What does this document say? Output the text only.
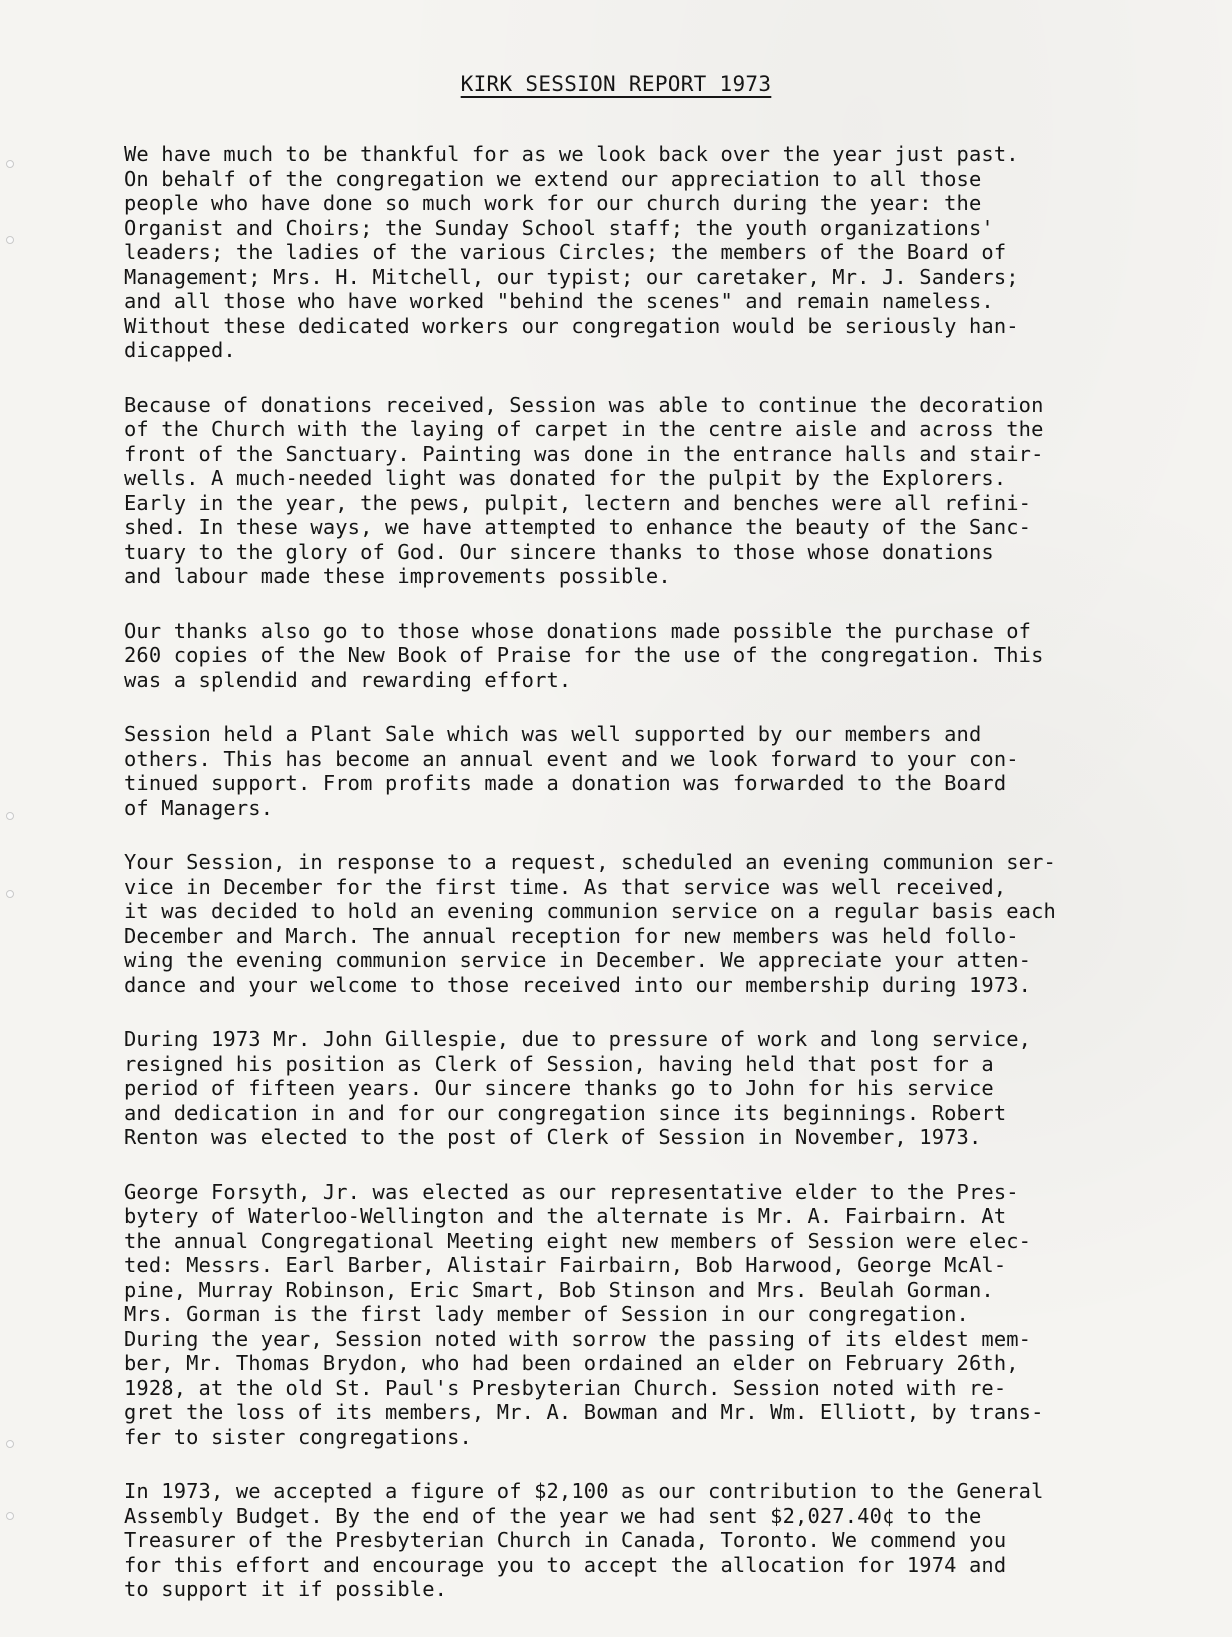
KIRK SESSION REPORT 1973
We have much to be thankful for as we look back over the year just past.
On behalf of the congregation we extend our appreciation to all those
people who have done so much work for our church during the year: the
Organist and Choirs; the Sunday School staff; the youth organizations'
leaders; the ladies of the various Circles; the members of the Board of
Management; Mrs. H. Mitchell, our typist; our caretaker, Mr. J. Sanders;
and all those who have worked "behind the scenes" and remain nameless.
Without these dedicated workers our congregation would be seriously han-
dicapped.
Because of donations received, Session was able to continue the decoration
of the Church with the laying of carpet in the centre aisle and across the
front of the Sanctuary. Painting was done in the entrance halls and stair-
wells. A much-needed light was donated for the pulpit by the Explorers.
Early in the year, the pews, pulpit, lectern and benches were all refini-
shed. In these ways, we have attempted to enhance the beauty of the Sanc-
tuary to the glory of God. Our sincere thanks to those whose donations
and labour made these improvements possible.
Our thanks also go to those whose donations made possible the purchase of
260 copies of the New Book of Praise for the use of the congregation. This
was a splendid and rewarding effort.
Session held a Plant Sale which was well supported by our members and
others. This has become an annual event and we look forward to your con-
tinued support. From profits made a donation was forwarded to the Board
of Managers.
Your Session, in response to a request, scheduled an evening communion ser-
vice in December for the first time. As that service was well received,
it was decided to hold an evening communion service on a regular basis each
December and March. The annual reception for new members was held follo-
wing the evening communion service in December. We appreciate your atten-
dance and your welcome to those received into our membership during 1973.
During 1973 Mr. John Gillespie, due to pressure of work and long service,
resigned his position as Clerk of Session, having held that post for a
period of fifteen years. Our sincere thanks go to John for his service
and dedication in and for our congregation since its beginnings. Robert
Renton was elected to the post of Clerk of Session in November, 1973.
George Forsyth, Jr. was elected as our representative elder to the Pres-
bytery of Waterloo-Wellington and the alternate is Mr. A. Fairbairn. At
the annual Congregational Meeting eight new members of Session were elec-
ted: Messrs. Earl Barber, Alistair Fairbairn, Bob Harwood, George McAl-
pine, Murray Robinson, Eric Smart, Bob Stinson and Mrs. Beulah Gorman.
Mrs. Gorman is the first lady member of Session in our congregation.
During the year, Session noted with sorrow the passing of its eldest mem-
ber, Mr. Thomas Brydon, who had been ordained an elder on February 26th,
1928, at the old St. Paul's Presbyterian Church. Session noted with re-
gret the loss of its members, Mr. A. Bowman and Mr. Wm. Elliott, by trans-
fer to sister congregations.
In 1973, we accepted a figure of $2,100 as our contribution to the General
Assembly Budget. By the end of the year we had sent $2,027.40¢ to the
Treasurer of the Presbyterian Church in Canada, Toronto. We commend you
for this effort and encourage you to accept the allocation for 1974 and
to support it if possible.
